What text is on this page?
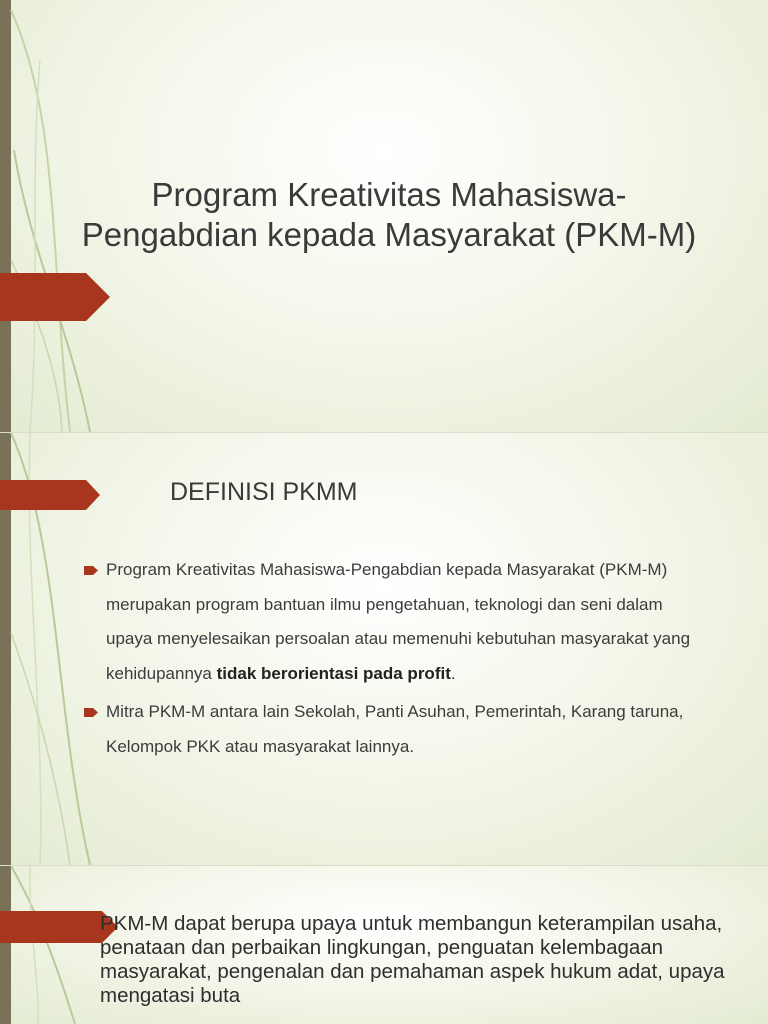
Program Kreativitas Mahasiswa-
Pengabdian kepada Masyarakat (PKM-M)
DEFINISI PKMM
Program Kreativitas Mahasiswa-Pengabdian kepada Masyarakat (PKM-M) merupakan program bantuan ilmu pengetahuan, teknologi dan seni dalam upaya menyelesaikan persoalan atau memenuhi kebutuhan masyarakat yang kehidupannya tidak berorientasi pada profit.
Mitra PKM-M antara lain Sekolah, Panti Asuhan, Pemerintah, Karang taruna, Kelompok PKK atau masyarakat lainnya.

PKM-M dapat berupa upaya untuk membangun keterampilan usaha, penataan dan perbaikan lingkungan, penguatan kelembagaan masyarakat, pengenalan dan pemahaman aspek hukum adat, upaya mengatasi buta
